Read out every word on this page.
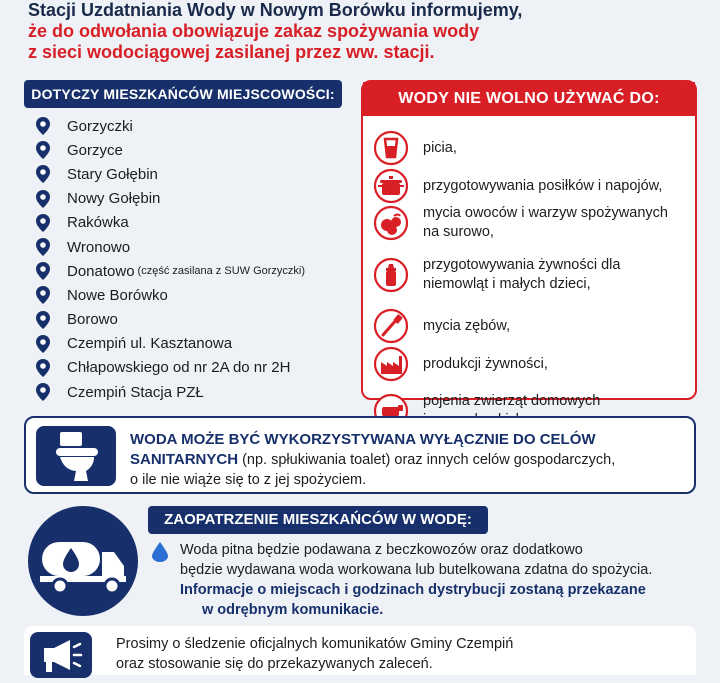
Stacji Uzdatniania Wody w Nowym Borówku informujemy,
że do odwołania obowiązuje zakaz spożywania wody
z sieci wodociągowej zasilanej przez ww. stacji.
DOTYCZY MIESZKAŃCÓW MIEJSCOWOŚCI:
Gorzyczki
Gorzyce
Stary Gołębin
Nowy Gołębin
Rakówka
Wronowo
Donatowo (część zasilana z SUW Gorzyczki)
Nowe Borówko
Borowo
Czempiń ul. Kasztanowa
Chłapowskiego od nr 2A do nr 2H
Czempiń Stacja PZŁ
WODY NIE WOLNO UŻYWAĆ DO:
picia,
przygotowywania posiłków i napojów,
mycia owoców i warzyw spożywanych
na surowo,
przygotowywania żywności dla
niemowląt i małych dzieci,
mycia zębów,
produkcji żywności,
pojenia zwierząt domowych
WODA MOŻE BYĆ WYKORZYSTYWANA WYŁĄCZNIE DO CELÓW
SANITARNYCH (np. spłukiwania toalet) oraz innych celów gospodarczych,
o ile nie wiąże się to z jej spożyciem.
ZAOPATRZENIE MIESZKAŃCÓW W WODĘ:
Woda pitna będzie podawana z beczkowozów oraz dodatkowo
będzie wydawana woda workowana lub butelkowana zdatna do spożycia.
Informacje o miejscach i godzinach dystrybucji zostaną przekazane
w odrębnym komunikacie.
Prosimy o śledzenie oficjalnych komunikatów Gminy Czempiń
oraz stosowanie się do przekazywanych zaleceń.
